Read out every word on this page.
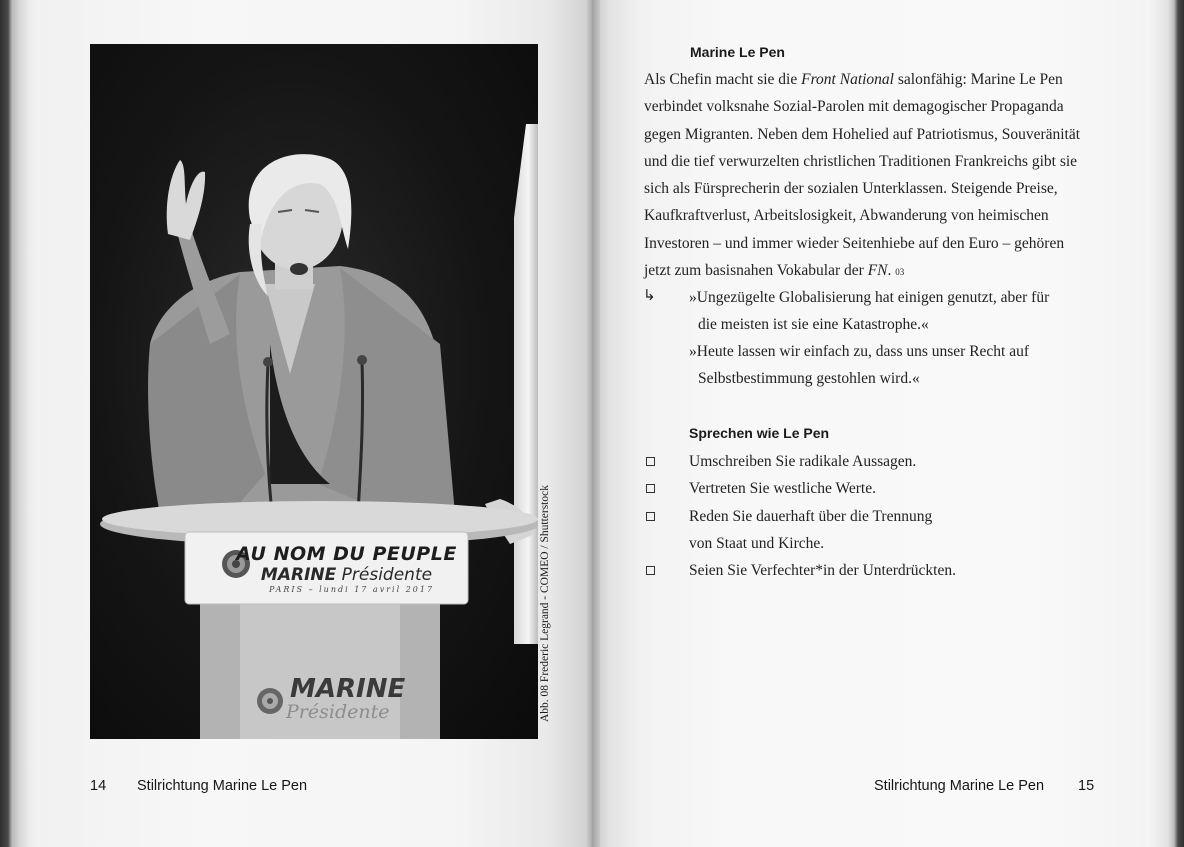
AU NOM DU PEUPLE
MARINE Présidente
PARIS – lundi 17 avril 2017
MARINE
Présidente	Abb. 08 Frederic Legrand - COMEO / Shutterstock
14 Stilrichtung Marine Le Pen
Marine Le Pen
Als Chefin macht sie die Front National salonfähig: Marine Le Pen
verbindet volksnahe Sozial-Parolen mit demagogischer Propaganda
gegen Migranten. Neben dem Hohelied auf Patriotismus, Souveränität
und die tief verwurzelten christlichen Traditionen Frankreichs gibt sie
sich als Fürsprecherin der sozialen Unterklassen. Steigende Preise,
Kaufkraftverlust, Arbeitslosigkeit, Abwanderung von heimischen
Investoren – und immer wieder Seitenhiebe auf den Euro – gehören
jetzt zum basisnahen Vokabular der FN. 03
↳ »Ungezügelte Globalisierung hat einigen genutzt, aber für
die meisten ist sie eine Katastrophe.«
»Heute lassen wir einfach zu, dass uns unser Recht auf
Selbstbestimmung gestohlen wird.«
Sprechen wie Le Pen
Umschreiben Sie radikale Aussagen.
Vertreten Sie westliche Werte.
Reden Sie dauerhaft über die Trennung
von Staat und Kirche.
Seien Sie Verfechter*in der Unterdrückten.
Stilrichtung Marine Le Pen 15
